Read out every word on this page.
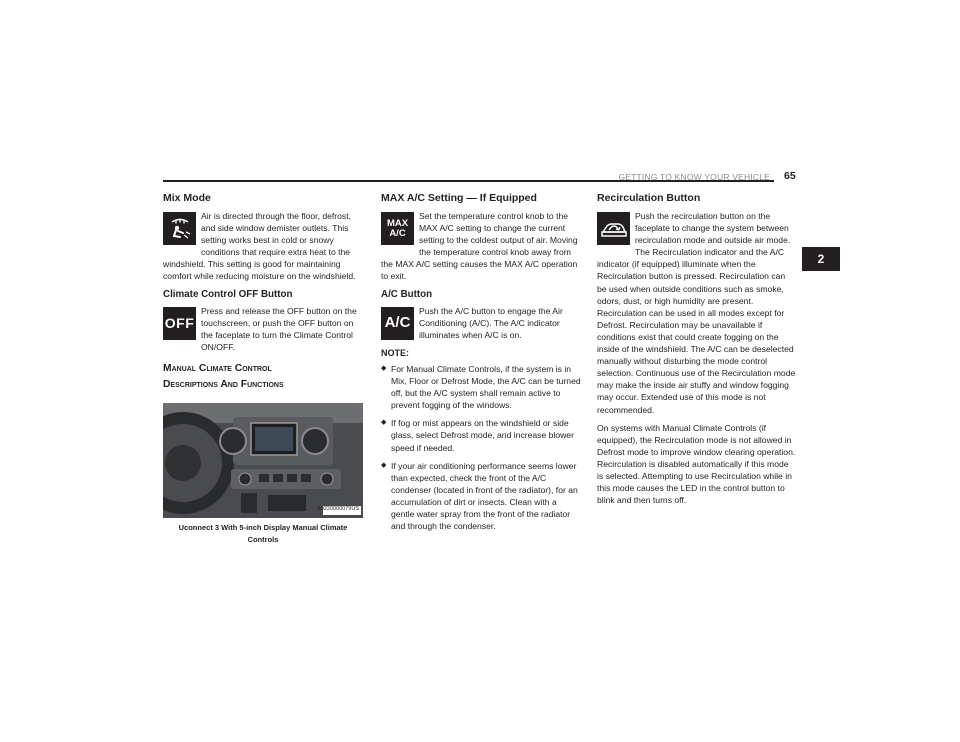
GETTING TO KNOW YOUR VEHICLE 65
2
Mix Mode

Air is directed through the floor, defrost, and side window demister outlets. This setting works best in cold or snowy conditions that require extra heat to the windshield. This setting is good for maintaining comfort while reducing moisture on the windshield.

Climate Control OFF Button
OFF

Press and release the OFF button on the touchscreen, or push the OFF button on the faceplate to turn the Climate Control ON/OFF.

Manual Climate Control
Descriptions And Functions
A0220000079US
Uconnect 3 With 5-inch Display Manual Climate Controls
MAX A/C Setting — If Equipped
MAX
A/C

Set the temperature control knob to the MAX A/C setting to change the current setting to the coldest output of air. Moving the temperature control knob away from the MAX A/C setting causes the MAX A/C operation to exit.

A/C Button
A/C

Push the A/C button to engage the Air Conditioning (A/C). The A/C indicator illuminates when A/C is on.

NOTE:
◆ For Manual Climate Controls, if the system is in Mix, Floor or Defrost Mode, the A/C can be turned off, but the A/C system shall remain active to prevent fogging of the windows.
◆ If fog or mist appears on the windshield or side glass, select Defrost mode, and increase blower speed if needed.
◆ If your air conditioning performance seems lower than expected, check the front of the A/C condenser (located in front of the radiator), for an accumulation of dirt or insects. Clean with a gentle water spray from the front of the radiator and through the condenser.
Recirculation Button

Push the recirculation button on the faceplate to change the system between recirculation mode and outside air mode. The Recirculation indicator and the A/C indicator (if equipped) illuminate when the Recirculation button is pressed. Recirculation can be used when outside conditions such as smoke, odors, dust, or high humidity are present. Recirculation can be used in all modes except for Defrost. Recirculation may be unavailable if conditions exist that could create fogging on the inside of the windshield. The A/C can be deselected manually without disturbing the mode control selection. Continuous use of the Recirculation mode may make the inside air stuffy and window fogging may occur. Extended use of this mode is not recommended.

On systems with Manual Climate Controls (if equipped), the Recirculation mode is not allowed in Defrost mode to improve window clearing operation. Recirculation is disabled automatically if this mode is selected. Attempting to use Recirculation while in this mode causes the LED in the control button to blink and then turns off.
